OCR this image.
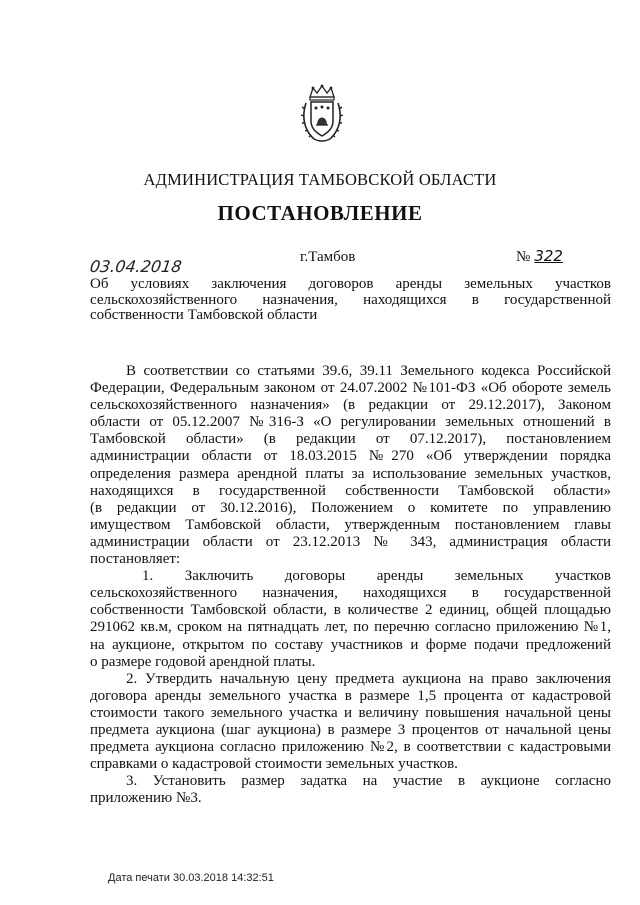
АДМИНИСТРАЦИЯ ТАМБОВСКОЙ ОБЛАСТИ
ПОСТАНОВЛЕНИЕ
03.04.2018	г.Тамбов	№ 322
Об условиях заключения договоров аренды земельных участков
сельскохозяйственного назначения, находящихся в государственной
собственности Тамбовской области
В соответствии со статьями 39.6, 39.11 Земельного кодекса Российской
Федерации, Федеральным законом от 24.07.2002 №101-ФЗ «Об обороте земель
сельскохозяйственного назначения» (в редакции от 29.12.2017), Законом
области от 05.12.2007 №316-З «О регулировании земельных отношений в
Тамбовской области» (в редакции от 07.12.2017), постановлением
администрации области от 18.03.2015 №270 «Об утверждении порядка
определения размера арендной платы за использование земельных участков,
находящихся в государственной собственности Тамбовской области»
(в редакции от 30.12.2016), Положением о комитете по управлению
имуществом Тамбовской области, утвержденным постановлением главы
администрации области от 23.12.2013 № 343, администрация области
постановляет:
1. Заключить договоры аренды земельных участков
сельскохозяйственного назначения, находящихся в государственной
собственности Тамбовской области, в количестве 2 единиц, общей площадью
291062 кв.м, сроком на пятнадцать лет, по перечню согласно приложению №1,
на аукционе, открытом по составу участников и форме подачи предложений
о размере годовой арендной платы.
2. Утвердить начальную цену предмета аукциона на право заключения
договора аренды земельного участка в размере 1,5 процента от кадастровой
стоимости такого земельного участка и величину повышения начальной цены
предмета аукциона (шаг аукциона) в размере 3 процентов от начальной цены
предмета аукциона согласно приложению №2, в соответствии с кадастровыми
справками о кадастровой стоимости земельных участков.
3. Установить размер задатка на участие в аукционе согласно
приложению №3.
Дата печати 30.03.2018 14:32:51
